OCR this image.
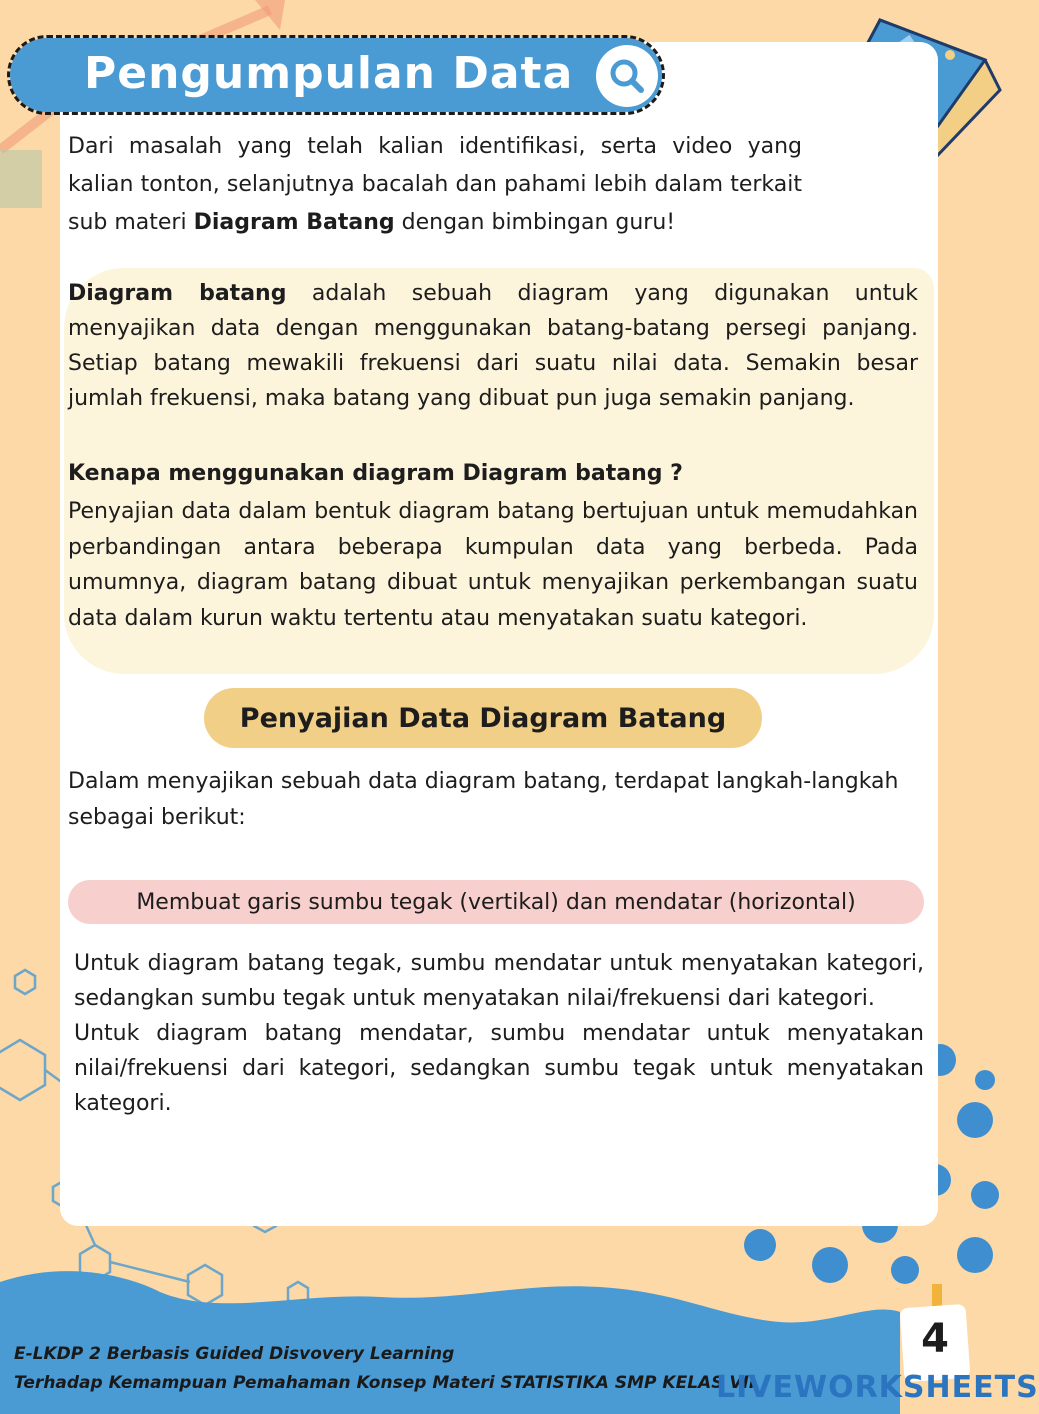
Pengumpulan Data
Dari masalah yang telah kalian identifikasi, serta video yang kalian tonton, selanjutnya bacalah dan pahami lebih dalam terkait sub materi Diagram Batang dengan bimbingan guru!
Diagram batang adalah sebuah diagram yang digunakan untuk menyajikan data dengan menggunakan batang-batang persegi panjang. Setiap batang mewakili frekuensi dari suatu nilai data. Semakin besar jumlah frekuensi, maka batang yang dibuat pun juga semakin panjang.
Kenapa menggunakan diagram Diagram batang ?
Penyajian data dalam bentuk diagram batang bertujuan untuk memudahkan perbandingan antara beberapa kumpulan data yang berbeda. Pada umumnya, diagram batang dibuat untuk menyajikan perkembangan suatu data dalam kurun waktu tertentu atau menyatakan suatu kategori.
Penyajian Data Diagram Batang
Dalam menyajikan sebuah data diagram batang, terdapat langkah-langkah sebagai berikut:
Membuat garis sumbu tegak (vertikal) dan mendatar (horizontal)
Untuk diagram batang tegak, sumbu mendatar untuk menyatakan kategori, sedangkan sumbu tegak untuk menyatakan nilai/frekuensi dari kategori.
Untuk diagram batang mendatar, sumbu mendatar untuk menyatakan nilai/frekuensi dari kategori, sedangkan sumbu tegak untuk menyatakan kategori.
E-LKDP 2 Berbasis Guided Disvovery Learning
Terhadap Kemampuan Pemahaman Konsep Materi STATISTIKA SMP KELAS VII
4
LIVEWORKSHEETS
